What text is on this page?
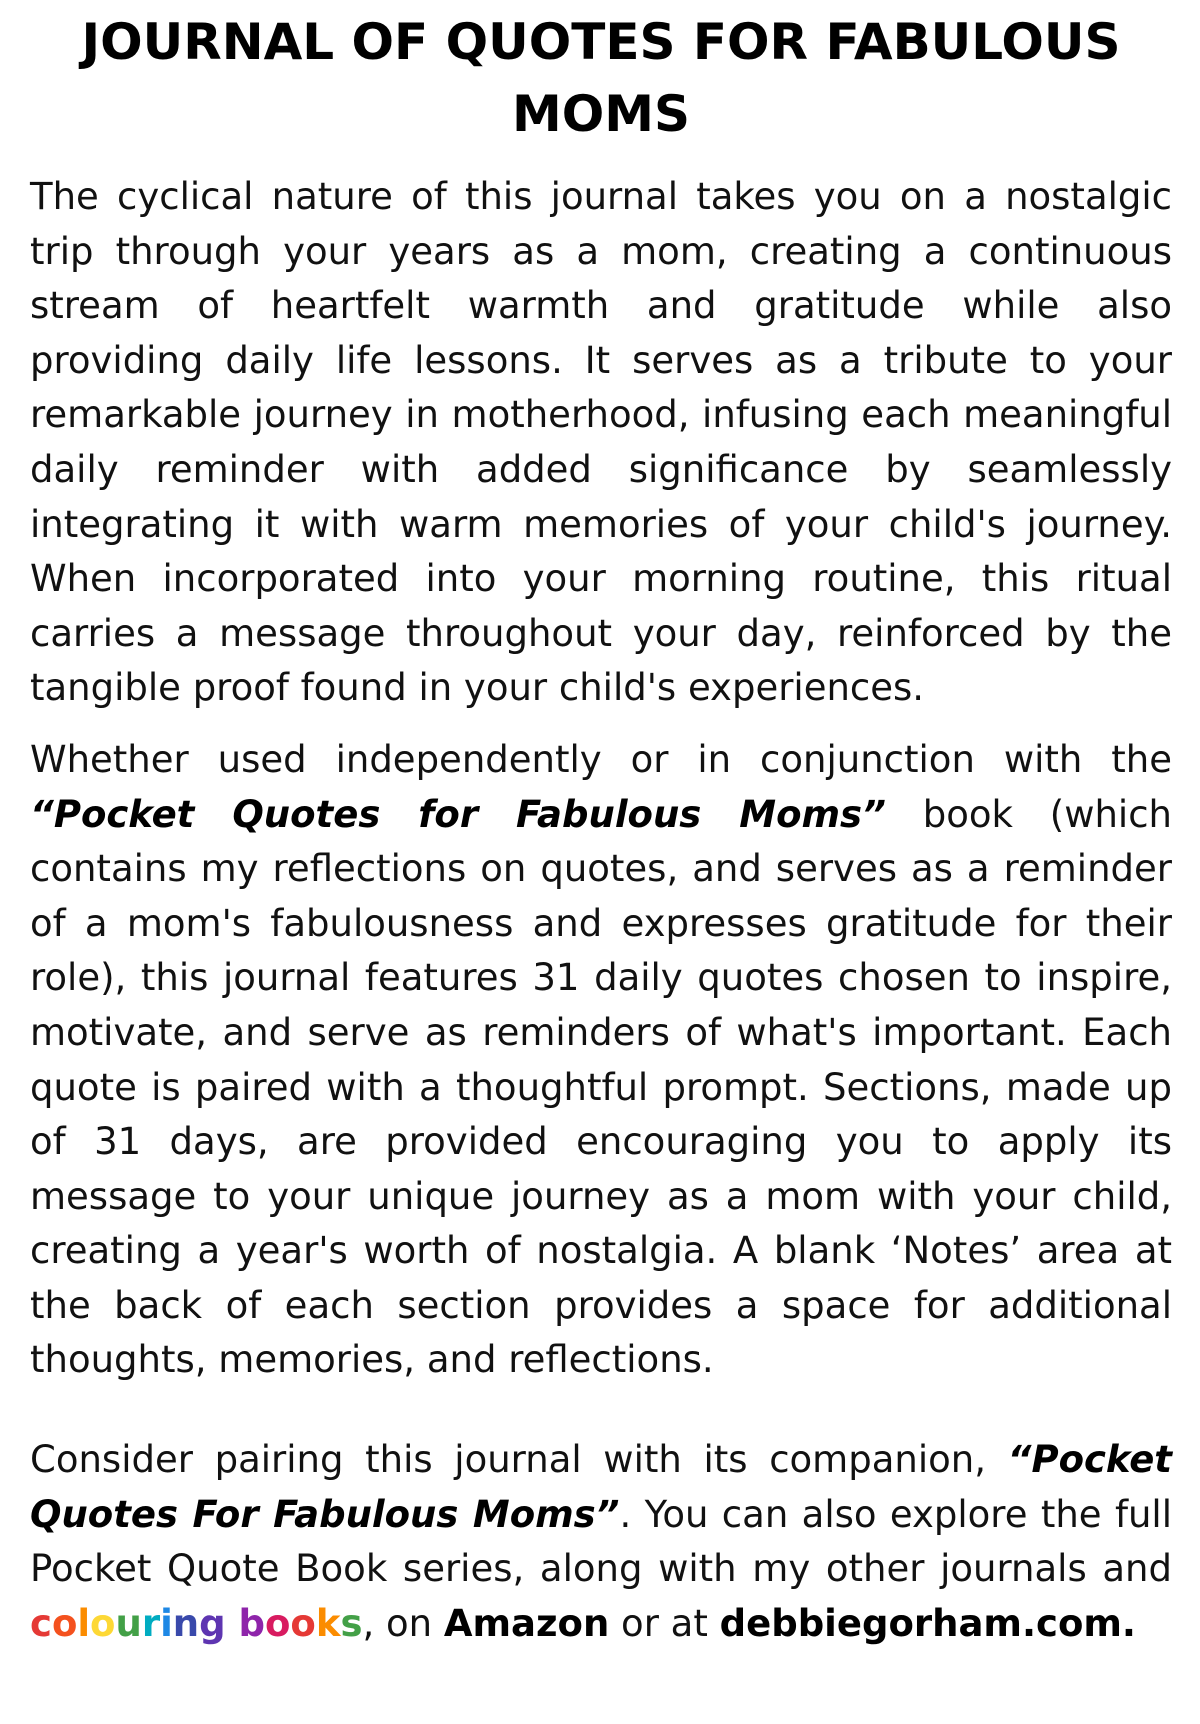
JOURNAL OF QUOTES FOR FABULOUS MOMS

The cyclical nature of this journal takes you on a nostalgic trip through your years as a mom, creating a continuous stream of heartfelt warmth and gratitude while also providing daily life lessons. It serves as a tribute to your remarkable journey in motherhood, infusing each meaningful daily reminder with added significance by seamlessly integrating it with warm memories of your child's journey. When incorporated into your morning routine, this ritual carries a message throughout your day, reinforced by the tangible proof found in your child's experiences.

Whether used independently or in conjunction with the “Pocket Quotes for Fabulous Moms” book (which contains my reflections on quotes, and serves as a reminder of a mom's fabulousness and expresses gratitude for their role), this journal features 31 daily quotes chosen to inspire, motivate, and serve as reminders of what's important. Each quote is paired with a thoughtful prompt. Sections, made up of 31 days, are provided encouraging you to apply its message to your unique journey as a mom with your child, creating a year's worth of nostalgia. A blank ‘Notes’ area at the back of each section provides a space for additional thoughts, memories, and reflections.

Consider pairing this journal with its companion, “Pocket Quotes For Fabulous Moms”. You can also explore the full Pocket Quote Book series, along with my other journals and colouring books, on Amazon or at debbiegorham.com.
